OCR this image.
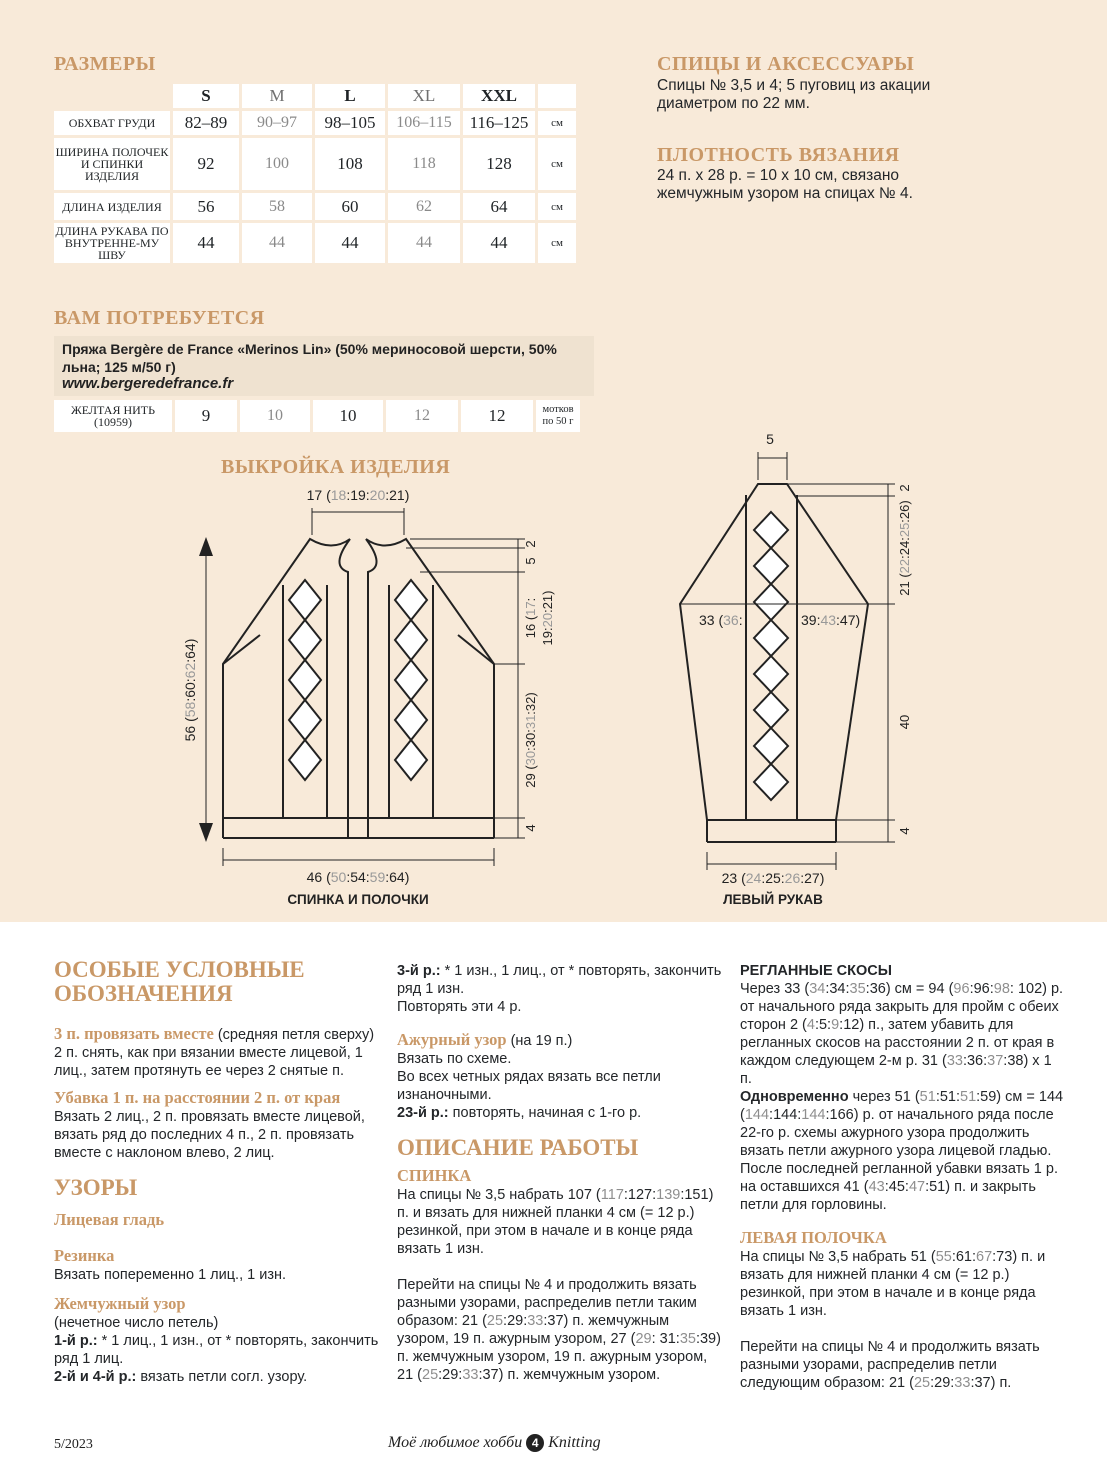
РАЗМЕРЫ
	S	M	L	XL	XXL	
ОБХВАТ ГРУДИ	82–89	90–97	98–105	106–115	116–125	см
ШИРИНА ПОЛОЧЕК И СПИНКИ ИЗДЕЛИЯ	92	100	108	118	128	см
ДЛИНА ИЗДЕЛИЯ	56	58	60	62	64	см
ДЛИНА РУКАВА ПО ВНУТРЕННЕ-МУ ШВУ	44	44	44	44	44	см
СПИЦЫ И АКСЕССУАРЫ
Спицы № 3,5 и 4; 5 пуговиц из акации диаметром по 22 мм.
ПЛОТНОСТЬ ВЯЗАНИЯ
24 п. х 28 р. = 10 х 10 см, связано жемчужным узором на спицах № 4.
ВАМ ПОТРЕБУЕТСЯ
Пряжа Bergère de France «Merinos Lin» (50% мериносовой шерсти, 50% льна; 125 м/50 г)
www.bergeredefrance.fr
ЖЕЛТАЯ НИТЬ
(10959)	9	10	10	12	12	мотков
по 50 г
ВЫКРОЙКА ИЗДЕЛИЯ
17 (18:19:20:21)
46 (50:54:59:64)
СПИНКА И ПОЛОЧКИ
56 (58:60:62:64)
2
5
16 (17:
19:20:21)
29 (30:30:31:32)
4
5
2
21 (22:24:25:26)
33 (36:	39:43:47)
40
4
23 (24:25:26:27)
ЛЕВЫЙ РУКАВ

ОСОБЫЕ УСЛОВНЫЕ ОБОЗНАЧЕНИЯ

3 п. провязать вместе (средняя петля сверху)

2 п. снять, как при вязании вместе лицевой, 1 лиц., затем протянуть ее через 2 снятые п.

Убавка 1 п. на расстоянии 2 п. от края

Вязать 2 лиц., 2 п. провязать вместе лицевой, вязать ряд до последних 4 п., 2 п. провязать вместе с наклоном влево, 2 лиц.

УЗОРЫ

Лицевая гладь

Резинка

Вязать попеременно 1 лиц., 1 изн.

Жемчужный узор

(нечетное число петель)

1-й р.: * 1 лиц., 1 изн., от * повторять, закончить ряд 1 лиц.

2-й и 4-й р.: вязать петли согл. узору.

3-й р.: * 1 изн., 1 лиц., от * повторять, закончить ряд 1 изн.

Повторять эти 4 р.

Ажурный узор (на 19 п.)

Вязать по схеме.

Во всех четных рядах вязать все петли изнаночными.

23-й р.: повторять, начиная с 1-го р.

ОПИСАНИЕ РАБОТЫ

СПИНКА

На спицы № 3,5 набрать 107 (117:127:139:151) п. и вязать для нижней планки 4 см (= 12 р.) резинкой, при этом в начале и в конце ряда вязать 1 изн.

Перейти на спицы № 4 и продолжить вязать разными узорами, распределив петли таким образом: 21 (25:29:33:37) п. жемчужным узором, 19 п. ажурным узором, 27 (29: 31:35:39) п. жемчужным узором, 19 п. ажурным узором, 21 (25:29:33:37) п. жемчужным узором.

РЕГЛАННЫЕ СКОСЫ

Через 33 (34:34:35:36) см = 94 (96:96:98: 102) р. от начального ряда закрыть для пройм с обеих сторон 2 (4:5:9:12) п., затем убавить для регланных скосов на расстоянии 2 п. от края в каждом следующем 2-м р. 31 (33:36:37:38) х 1 п.

Одновременно через 51 (51:51:51:59) см = 144 (144:144:144:166) р. от начального ряда после 22-го р. схемы ажурного узора продолжить вязать петли ажурного узора лицевой гладью.

После последней регланной убавки вязать 1 р. на оставшихся 41 (43:45:47:51) п. и закрыть петли для горловины.

ЛЕВАЯ ПОЛОЧКА

На спицы № 3,5 набрать 51 (55:61:67:73) п. и вязать для нижней планки 4 см (= 12 р.) резинкой, при этом в начале и в конце ряда вязать 1 изн.

Перейти на спицы № 4 и продолжить вязать разными узорами, распределив петли следующим образом: 21 (25:29:33:37) п.

5/2023	Моё любимое хобби 4 Knitting
